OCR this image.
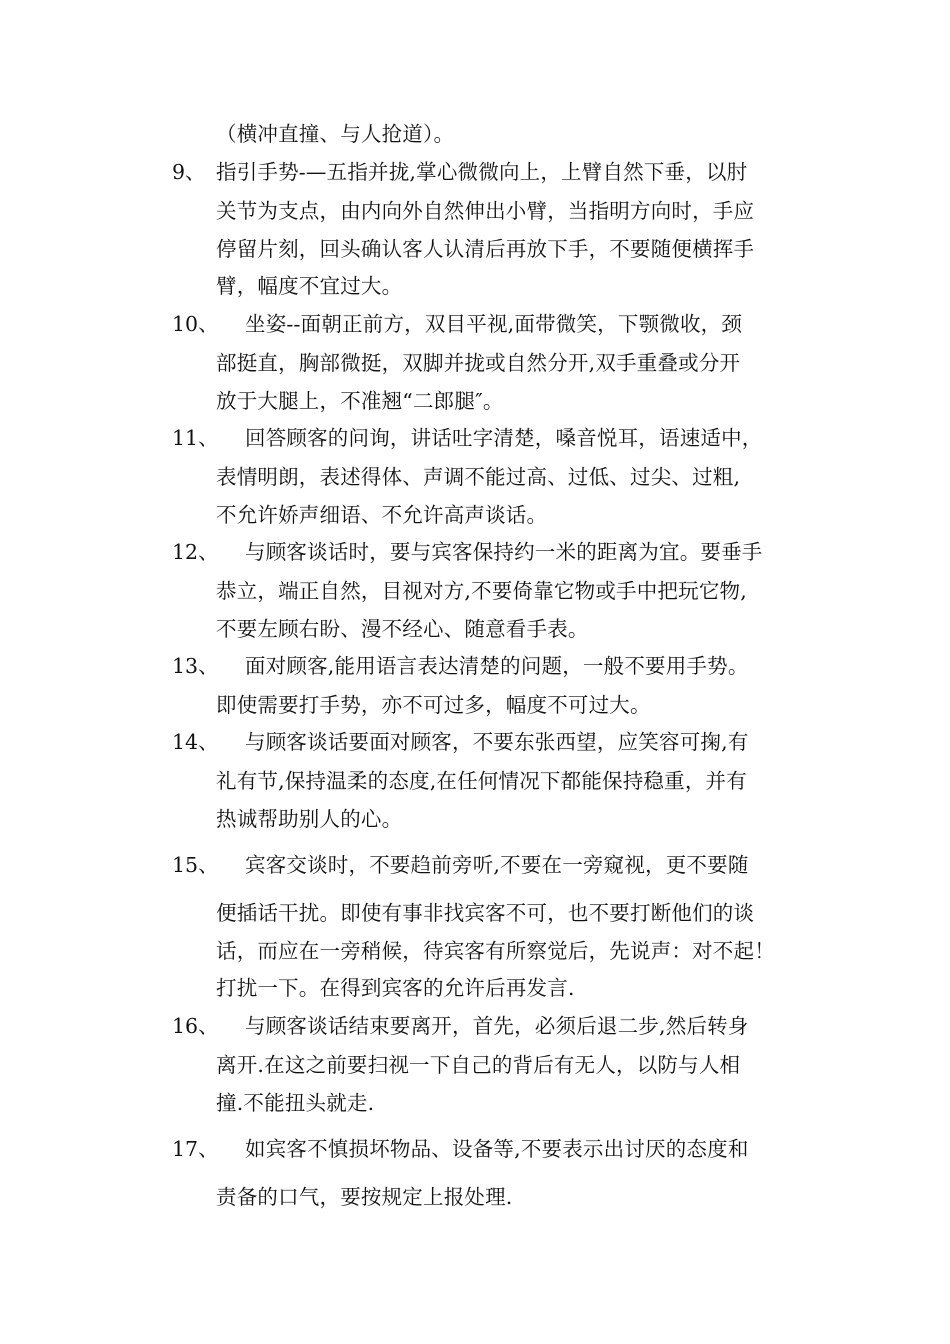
（横冲直撞、与人抢道）。
9、 指引手势-—五指并拢,掌心微微向上，上臂自然下垂，以肘
关节为支点，由内向外自然伸出小臂，当指明方向时，手应
停留片刻，回头确认客人认清后再放下手，不要随便横挥手
臂，幅度不宜过大。
10、 坐姿--面朝正前方，双目平视,面带微笑，下颚微收，颈
部挺直，胸部微挺，双脚并拢或自然分开,双手重叠或分开
放于大腿上，不准翘“二郎腿″。
11、 回答顾客的问询，讲话吐字清楚，嗓音悦耳，语速适中，
表情明朗，表述得体、声调不能过高、过低、过尖、过粗,
不允许娇声细语、不允许高声谈话。
12、 与顾客谈话时，要与宾客保持约一米的距离为宜。要垂手
恭立，端正自然，目视对方,不要倚靠它物或手中把玩它物,
不要左顾右盼、漫不经心、随意看手表。
13、 面对顾客,能用语言表达清楚的问题，一般不要用手势。
即使需要打手势，亦不可过多，幅度不可过大。
14、 与顾客谈话要面对顾客，不要东张西望，应笑容可掬,有
礼有节,保持温柔的态度,在任何情况下都能保持稳重，并有
热诚帮助别人的心。
15、 宾客交谈时，不要趋前旁听,不要在一旁窥视，更不要随
便插话干扰。即使有事非找宾客不可，也不要打断他们的谈
话，而应在一旁稍候，待宾客有所察觉后，先说声：对不起！
打扰一下。在得到宾客的允许后再发言.
16、 与顾客谈话结束要离开，首先，必须后退二步,然后转身
离开.在这之前要扫视一下自己的背后有无人，以防与人相
撞.不能扭头就走.
17、 如宾客不慎损坏物品、设备等,不要表示出讨厌的态度和
责备的口气，要按规定上报处理.
